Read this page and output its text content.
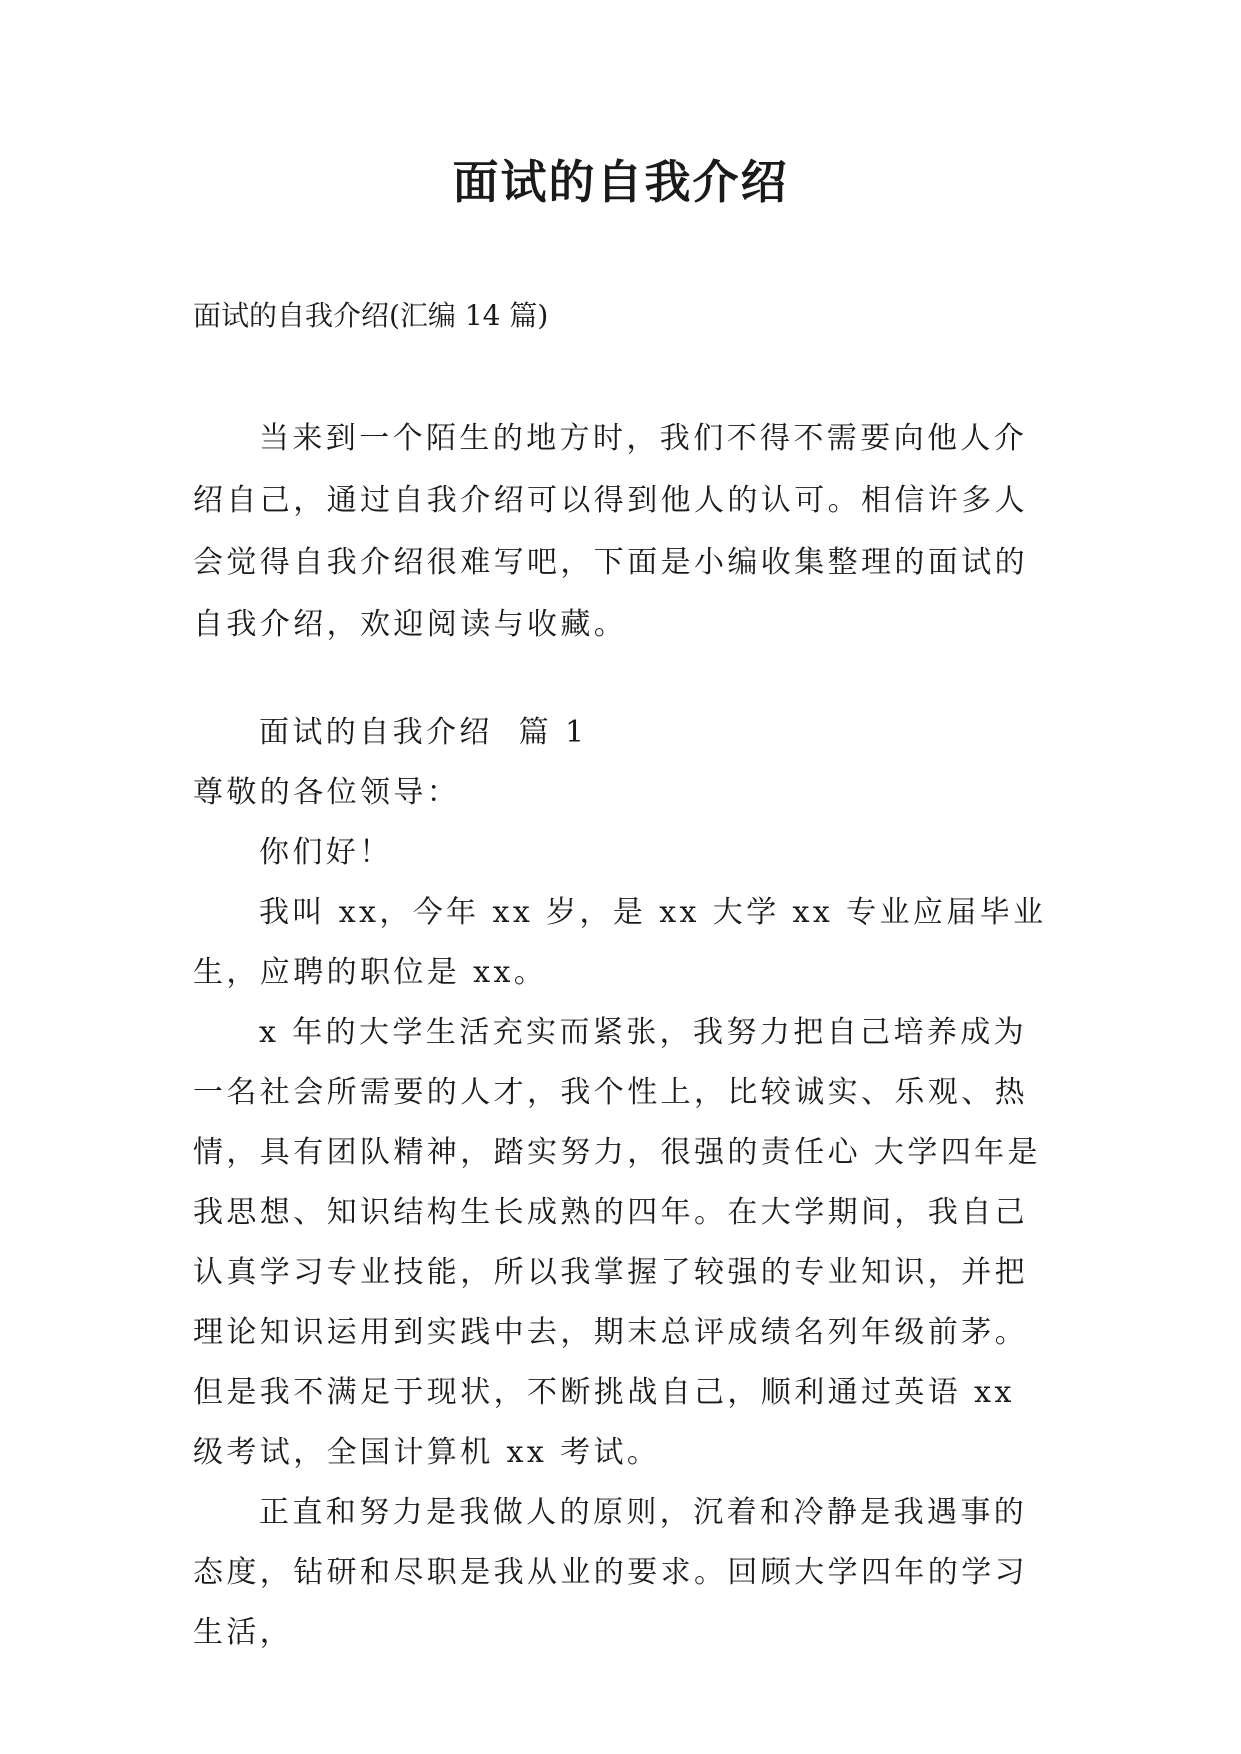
面试的自我介绍
面试的自我介绍(汇编 14 篇)

当来到一个陌生的地方时，我们不得不需要向他人介绍自己，通过自我介绍可以得到他人的认可。相信许多人会觉得自我介绍很难写吧，下面是小编收集整理的面试的自我介绍，欢迎阅读与收藏。

面试的自我介绍  篇 1

尊敬的各位领导：

你们好！

我叫 xx，今年 xx 岁，是 xx 大学 xx 专业应届毕业生，应聘的职位是 xx。

x 年的大学生活充实而紧张，我努力把自己培养成为一名社会所需要的人才，我个性上，比较诚实、乐观、热情，具有团队精神，踏实努力，很强的责任心 大学四年是我思想、知识结构生长成熟的四年。在大学期间，我自己认真学习专业技能，所以我掌握了较强的专业知识，并把理论知识运用到实践中去，期末总评成绩名列年级前茅。但是我不满足于现状，不断挑战自己，顺利通过英语 xx 级考试，全国计算机 xx 考试。

正直和努力是我做人的原则，沉着和冷静是我遇事的态度，钻研和尽职是我从业的要求。回顾大学四年的学习生活，
